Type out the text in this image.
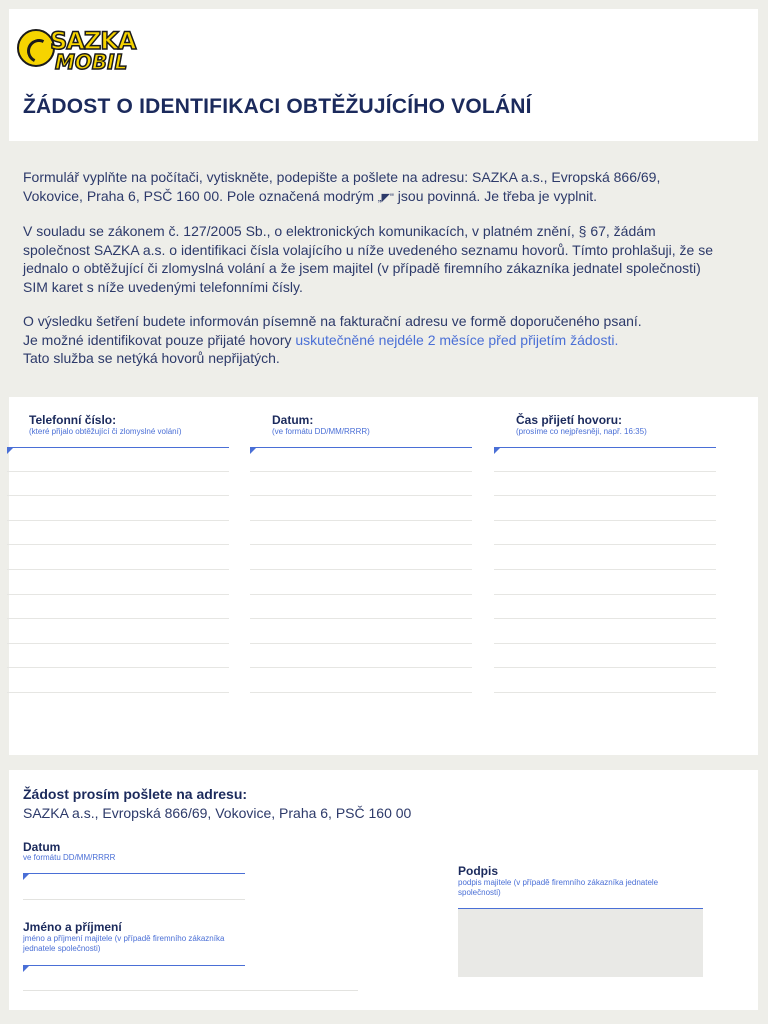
SAZKA
MOBIL
ŽÁDOST O IDENTIFIKACI OBTĚŽUJÍCÍHO VOLÁNÍ
Formulář vyplňte na počítači, vytiskněte, podepište a pošlete na adresu: SAZKA a.s., Evropská 866/69, Vokovice, Praha 6, PSČ 160 00. Pole označená modrým „◤" jsou povinná. Je třeba je vyplnit.
V souladu se zákonem č. 127/2005 Sb., o elektronických komunikacích, v platném znění, § 67, žádám společnost SAZKA a.s. o identifikaci čísla volajícího u níže uvedeného seznamu hovorů. Tímto prohlašuji, že se jednalo o obtěžující či zlomyslná volání a že jsem majitel (v případě firemního zákazníka jednatel společnosti) SIM karet s níže uvedenými telefonními čísly.
O výsledku šetření budete informován písemně na fakturační adresu ve formě doporučeného psaní.
Je možné identifikovat pouze přijaté hovory uskutečněné nejdéle 2 měsíce před přijetím žádosti.
Tato služba se netýká hovorů nepřijatých.
Telefonní číslo:
(které přijalo obtěžující či zlomyslné volání)
Datum:
(ve formátu DD/MM/RRRR)
Čas přijetí hovoru:
(prosíme co nejpřesněji, např. 16:35)
Žádost prosím pošlete na adresu:
SAZKA a.s., Evropská 866/69, Vokovice, Praha 6, PSČ 160 00
Datum
ve formátu DD/MM/RRRR
Jméno a příjmení
jméno a příjmení majitele (v případě firemního zákazníka jednatele společnosti)
Podpis
podpis majitele (v případě firemního zákazníka jednatele společnosti)
